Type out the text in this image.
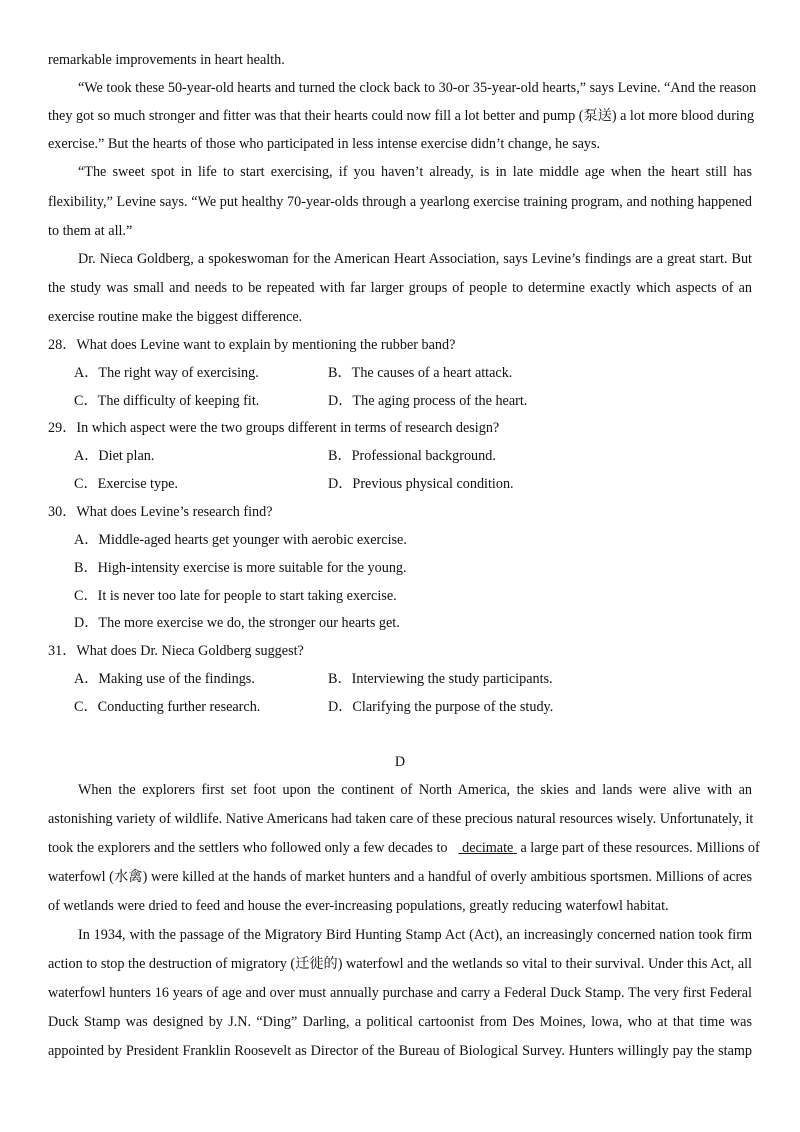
remarkable improvements in heart health.
“We took these 50-year-old hearts and turned the clock back to 30-or 35-year-old hearts,” says Levine. “And the reason
they got so much stronger and fitter was that their hearts could now fill a lot better and pump (泵送) a lot more blood during
exercise.” But the hearts of those who participated in less intense exercise didn’t change, he says.
“The sweet spot in life to start exercising, if you haven’t already, is in late middle age when the heart still has
flexibility,” Levine says. “We put healthy 70-year-olds through a yearlong exercise training program, and nothing happened
to them at all.”
Dr. Nieca Goldberg, a spokeswoman for the American Heart Association, says Levine’s findings are a great start. But
the study was small and needs to be repeated with far larger groups of people to determine exactly which aspects of an
exercise routine make the biggest difference.
28．What does Levine want to explain by mentioning the rubber band?
A．The right way of exercising.	B．The causes of a heart attack.
C．The difficulty of keeping fit.	D．The aging process of the heart.
29．In which aspect were the two groups different in terms of research design?
A．Diet plan.	B．Professional background.
C．Exercise type.	D．Previous physical condition.
30．What does Levine’s research find?
A．Middle-aged hearts get younger with aerobic exercise.
B．High-intensity exercise is more suitable for the young.
C．It is never too late for people to start taking exercise.
D．The more exercise we do, the stronger our hearts get.
31．What does Dr. Nieca Goldberg suggest?
A．Making use of the findings.	B．Interviewing the study participants.
C．Conducting further research.	D．Clarifying the purpose of the study.
D
When the explorers first set foot upon the continent of North America, the skies and lands were alive with an
astonishing variety of wildlife. Native Americans had taken care of these precious natural resources wisely. Unfortunately, it
took the explorers and the settlers who followed only a few decades to decimate a large part of these resources. Millions of
waterfowl (水禽) were killed at the hands of market hunters and a handful of overly ambitious sportsmen. Millions of acres
of wetlands were dried to feed and house the ever-increasing populations, greatly reducing waterfowl habitat.
In 1934, with the passage of the Migratory Bird Hunting Stamp Act (Act), an increasingly concerned nation took firm
action to stop the destruction of migratory (迁徙的) waterfowl and the wetlands so vital to their survival. Under this Act, all
waterfowl hunters 16 years of age and over must annually purchase and carry a Federal Duck Stamp. The very first Federal
Duck Stamp was designed by J.N. “Ding” Darling, a political cartoonist from Des Moines, lowa, who at that time was
appointed by President Franklin Roosevelt as Director of the Bureau of Biological Survey. Hunters willingly pay the stamp
